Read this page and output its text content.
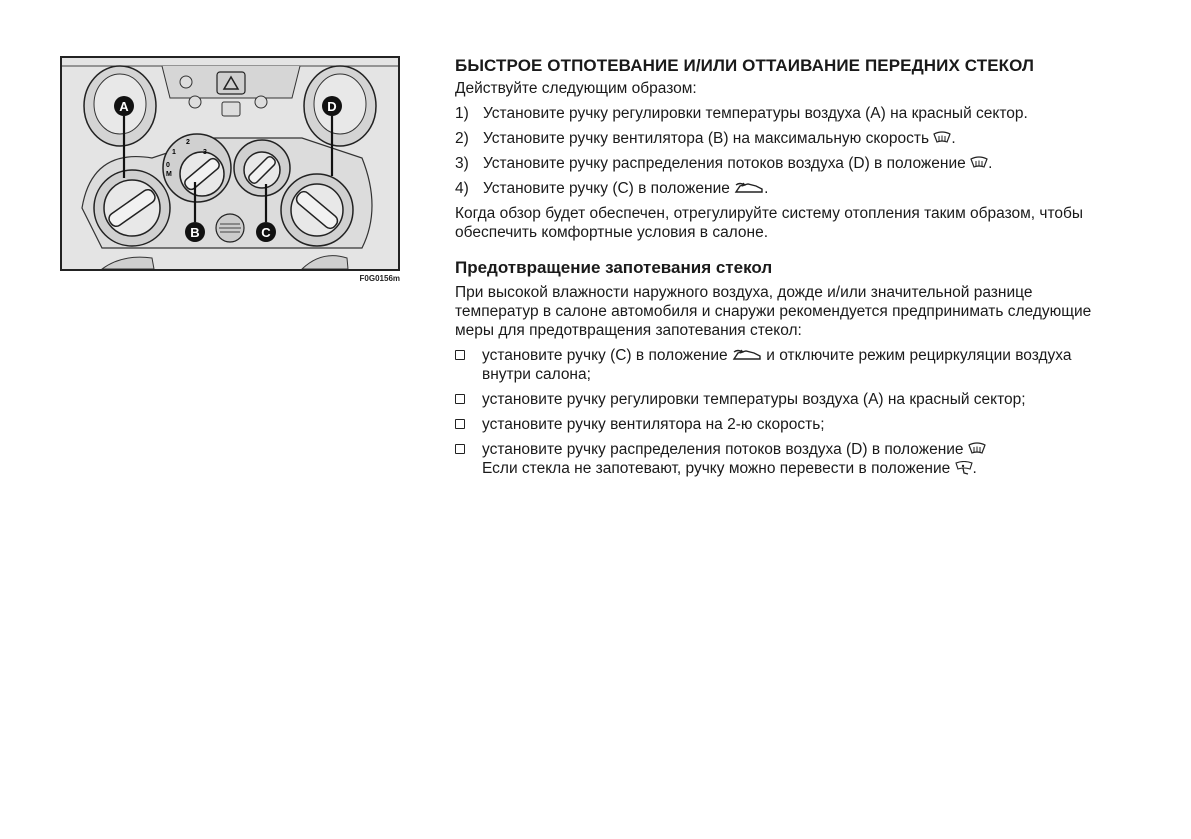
1
2
3
0
M
A
B	C
D
F0G0156m
БЫСТРОЕ ОТПОТЕВАНИЕ И/ИЛИ ОТТАИВАНИЕ ПЕРЕДНИХ СТЕКОЛ

Действуйте следующим образом:

1) Установите ручку регулировки температуры воздуха (A) на красный сектор.
2) Установите ручку вентилятора (B) на максимальную скорость .
3) Установите ручку распределения потоков воздуха (D) в положение .
4) Установите ручку (C) в положение .

Когда обзор будет обеспечен, отрегулируйте систему отопления таким образом, чтобы обеспечить комфортные условия в салоне.

Предотвращение запотевания стекол

При высокой влажности наружного воздуха, дожде и/или значительной разнице температур в салоне автомобиля и снаружи рекомендуется предпринимать следующие меры для предотвращения запотевания стекол:

установите ручку (C) в положение и отключите режим рециркуляции воздуха внутри салона;
установите ручку регулировки температуры воздуха (A) на красный сектор;
установите ручку вентилятора на 2-ю скорость;
установите ручку распределения потоков воздуха (D) в положение
Если стекла не запотевают, ручку можно перевести в положение .
